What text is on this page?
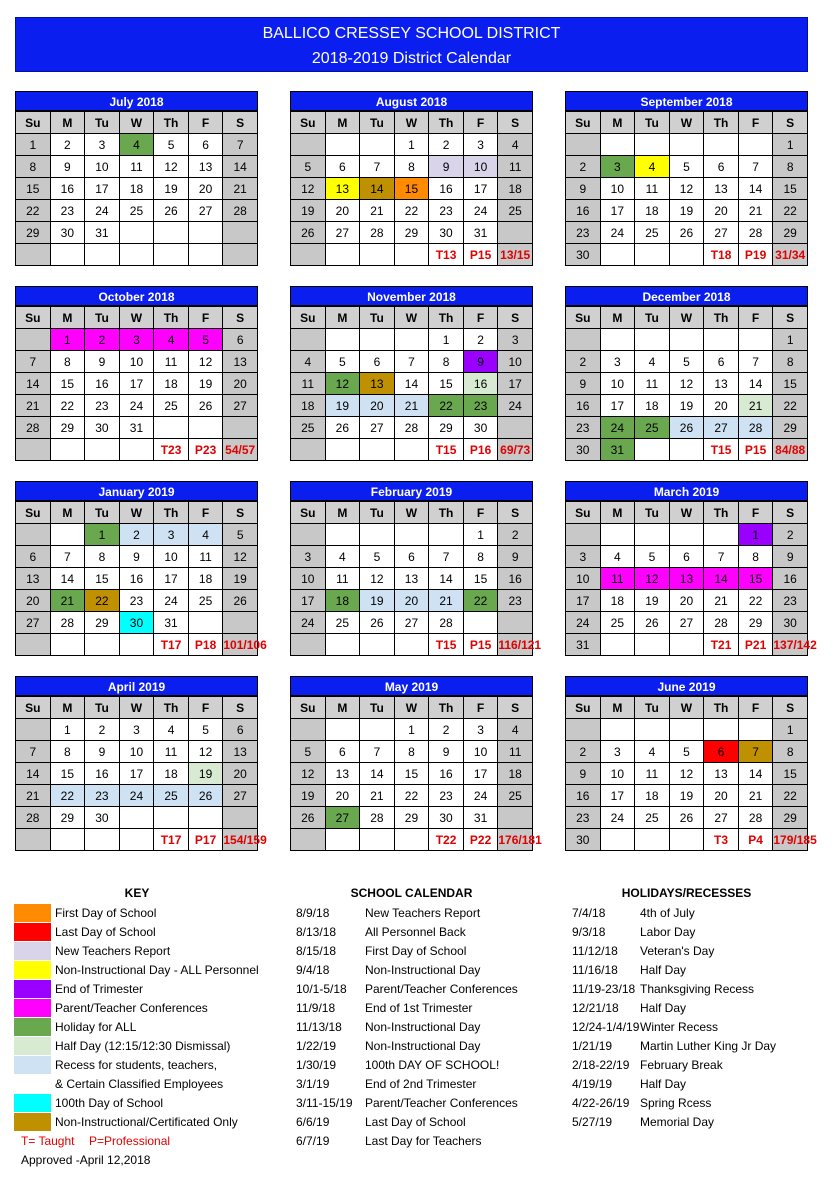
BALLICO CRESSEY SCHOOL DISTRICT
2018-2019 District Calendar
July 2018
Su	M	Tu	W	Th	F	S
1	2	3	4	5	6	7
8	9	10	11	12	13	14
15	16	17	18	19	20	21
22	23	24	25	26	27	28
29	30	31				

August 2018
Su	M	Tu	W	Th	F	S
			1	2	3	4
5	6	7	8	9	10	11
12	13	14	15	16	17	18
19	20	21	22	23	24	25
26	27	28	29	30	31	
				T13	P15	13/15
September 2018
Su	M	Tu	W	Th	F	S
						1
2	3	4	5	6	7	8
9	10	11	12	13	14	15
16	17	18	19	20	21	22
23	24	25	26	27	28	29
30				T18	P19	31/34
October 2018
Su	M	Tu	W	Th	F	S
	1	2	3	4	5	6
7	8	9	10	11	12	13
14	15	16	17	18	19	20
21	22	23	24	25	26	27
28	29	30	31			
				T23	P23	54/57
November 2018
Su	M	Tu	W	Th	F	S
				1	2	3
4	5	6	7	8	9	10
11	12	13	14	15	16	17
18	19	20	21	22	23	24
25	26	27	28	29	30	
				T15	P16	69/73
December 2018
Su	M	Tu	W	Th	F	S
						1
2	3	4	5	6	7	8
9	10	11	12	13	14	15
16	17	18	19	20	21	22
23	24	25	26	27	28	29
30	31			T15	P15	84/88
January 2019
Su	M	Tu	W	Th	F	S
		1	2	3	4	5
6	7	8	9	10	11	12
13	14	15	16	17	18	19
20	21	22	23	24	25	26
27	28	29	30	31		
				T17	P18	101/106
February 2019
Su	M	Tu	W	Th	F	S
					1	2
3	4	5	6	7	8	9
10	11	12	13	14	15	16
17	18	19	20	21	22	23
24	25	26	27	28		
				T15	P15	116/121
March 2019
Su	M	Tu	W	Th	F	S
					1	2
3	4	5	6	7	8	9
10	11	12	13	14	15	16
17	18	19	20	21	22	23
24	25	26	27	28	29	30
31				T21	P21	137/142
April 2019
Su	M	Tu	W	Th	F	S
	1	2	3	4	5	6
7	8	9	10	11	12	13
14	15	16	17	18	19	20
21	22	23	24	25	26	27
28	29	30				
				T17	P17	154/159
May 2019
Su	M	Tu	W	Th	F	S
			1	2	3	4
5	6	7	8	9	10	11
12	13	14	15	16	17	18
19	20	21	22	23	24	25
26	27	28	29	30	31	
				T22	P22	176/181
June 2019
Su	M	Tu	W	Th	F	S
						1
2	3	4	5	6	7	8
9	10	11	12	13	14	15
16	17	18	19	20	21	22
23	24	25	26	27	28	29
30				T3	P4	179/185
KEY	SCHOOL CALENDAR	HOLIDAYS/RECESSES
First Day of School
Last Day of School
New Teachers Report
Non-Instructional Day - ALL Personnel
End of Trimester
Parent/Teacher Conferences
Holiday for ALL
Half Day (12:15/12:30 Dismissal)
Recess for students, teachers,
& Certain Classified Employees
100th Day of School
Non-Instructional/Certificated Only
T= Taught P=Professional
Approved -April 12,2018
8/9/18	New Teachers Report
8/13/18 All Personnel Back
8/15/18 First Day of School
9/4/18	Non-Instructional Day
10/1-5/18 Parent/Teacher Conferences
11/9/18 End of 1st Trimester
11/13/18 Non-Instructional Day
1/22/19 Non-Instructional Day
1/30/19 100th DAY OF SCHOOL!
3/1/19	End of 2nd Trimester
3/11-15/19 Parent/Teacher Conferences
6/6/19	Last Day of School
6/7/19	Last Day for Teachers
7/4/18	4th of July
9/3/18	Labor Day
11/12/18 Veteran's Day
11/16/18 Half Day
11/19-23/18 Thanksgiving Recess
12/21/18 Half Day
12/24-1/4/19 Winter Recess
1/21/19 Martin Luther King Jr Day
2/18-22/19 February Break
4/19/19 Half Day
4/22-26/19 Spring Rcess
5/27/19 Memorial Day
